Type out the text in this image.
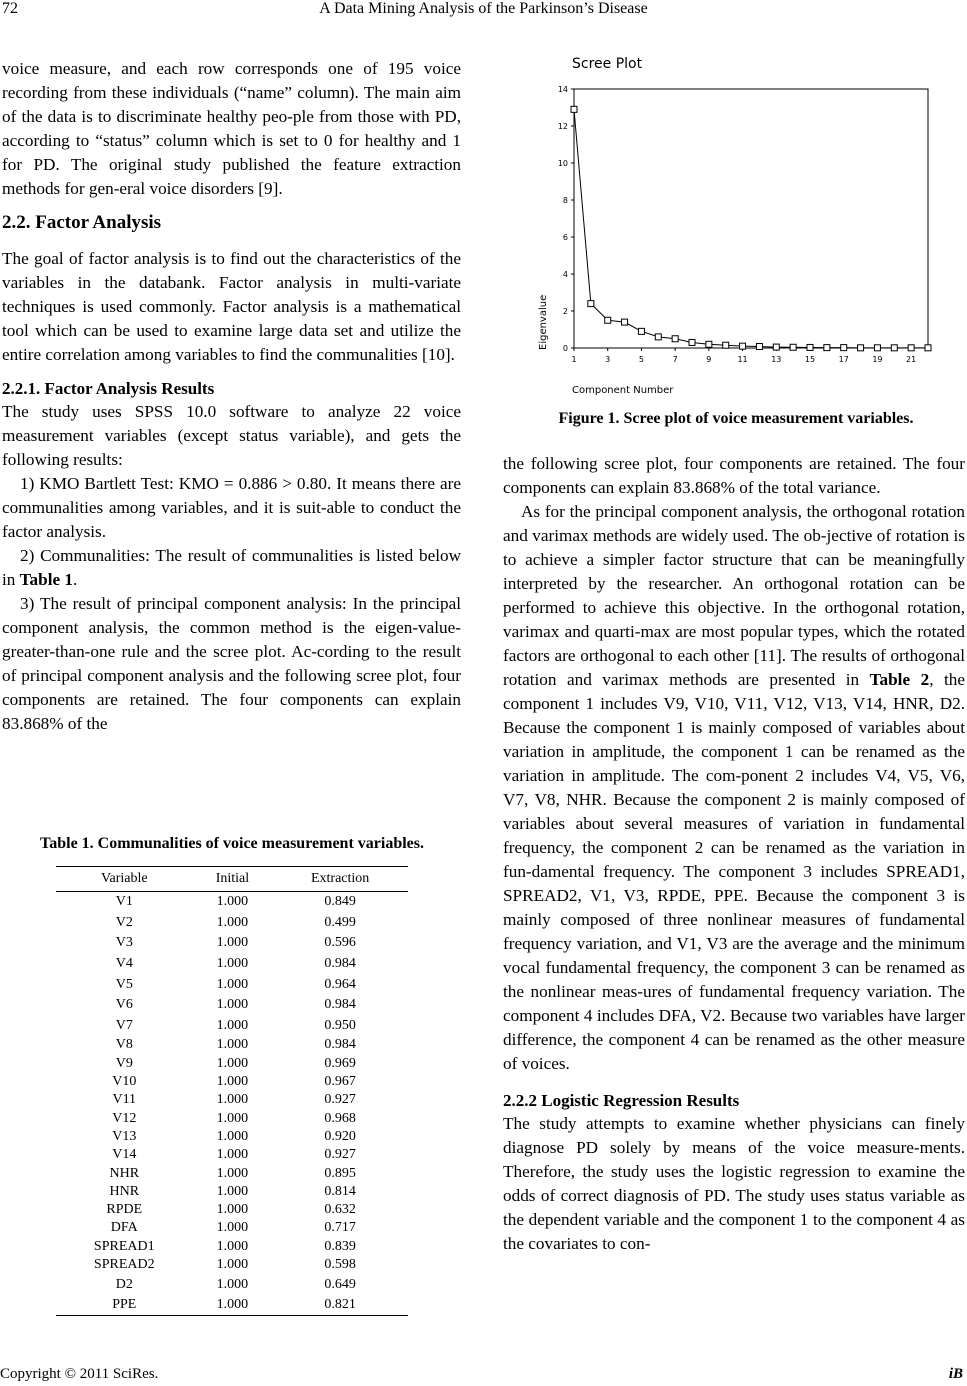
72	A Data Mining Analysis of the Parkinson’s Disease

voice measure, and each row corresponds one of 195 voice recording from these individuals (“name” column). The main aim of the data is to discriminate healthy peo-ple from those with PD, according to “status” column which is set to 0 for healthy and 1 for PD. The original study published the feature extraction methods for gen-eral voice disorders [9].

2.2. Factor Analysis

The goal of factor analysis is to find out the characteristics of the variables in the databank. Factor analysis in multi-variate techniques is used commonly. Factor analysis is a mathematical tool which can be used to examine large data set and utilize the entire correlation among variables to find the communalities [10].

2.2.1. Factor Analysis Results

The study uses SPSS 10.0 software to analyze 22 voice measurement variables (except status variable), and gets the following results:

1) KMO Bartlett Test: KMO = 0.886 > 0.80. It means there are communalities among variables, and it is suit-able to conduct the factor analysis.

2) Communalities: The result of communalities is listed below in Table 1.

3) The result of principal component analysis: In the principal component analysis, the common method is the eigen-value-greater-than-one rule and the scree plot. Ac-cording to the result of principal component analysis and the following scree plot, four components are retained. The four components can explain 83.868% of the

Table 1. Communalities of voice measurement variables.
Variable	Initial	Extraction
V1	1.000	0.849
V2	1.000	0.499
V3	1.000	0.596
V4	1.000	0.984
V5	1.000	0.964
V6	1.000	0.984
V7	1.000	0.950
V8	1.000	0.984
V9	1.000	0.969
V10	1.000	0.967
V11	1.000	0.927
V12	1.000	0.968
V13	1.000	0.920
V14	1.000	0.927
NHR	1.000	0.895
HNR	1.000	0.814
RPDE	1.000	0.632
DFA	1.000	0.717
SPREAD1	1.000	0.839
SPREAD2	1.000	0.598
D2	1.000	0.649
PPE	1.000	0.821
Scree Plot
0
2
4
6
8
10
12
14
1	3	5	7	9	11	13	15	17	19	21
Component Number
Eigenvalue
Figure 1. Scree plot of voice measurement variables.

the following scree plot, four components are retained. The four components can explain 83.868% of the total variance.

As for the principal component analysis, the orthogonal rotation and varimax methods are widely used. The ob-jective of rotation is to achieve a simpler factor structure that can be meaningfully interpreted by the researcher. An orthogonal rotation can be performed to achieve this objective. In the orthogonal rotation, varimax and quarti-max are most popular types, which the rotated factors are orthogonal to each other [11]. The results of orthogonal rotation and varimax methods are presented in Table 2, the component 1 includes V9, V10, V11, V12, V13, V14, HNR, D2. Because the component 1 is mainly composed of variables about variation in amplitude, the component 1 can be renamed as the variation in amplitude. The com-ponent 2 includes V4, V5, V6, V7, V8, NHR. Because the component 2 is mainly composed of variables about several measures of variation in fundamental frequency, the component 2 can be renamed as the variation in fun-damental frequency. The component 3 includes SPREAD1, SPREAD2, V1, V3, RPDE, PPE. Because the component 3 is mainly composed of three nonlinear measures of fundamental frequency variation, and V1, V3 are the average and the minimum vocal fundamental frequency, the component 3 can be renamed as the nonlinear meas-ures of fundamental frequency variation. The component 4 includes DFA, V2. Because two variables have larger difference, the component 4 can be renamed as the other measure of voices.

2.2.2 Logistic Regression Results

The study attempts to examine whether physicians can finely diagnose PD solely by means of the voice measure-ments. Therefore, the study uses the logistic regression to examine the odds of correct diagnosis of PD. The study uses status variable as the dependent variable and the component 1 to the component 4 as the covariates to con-

Copyright © 2011 SciRes.	iB
